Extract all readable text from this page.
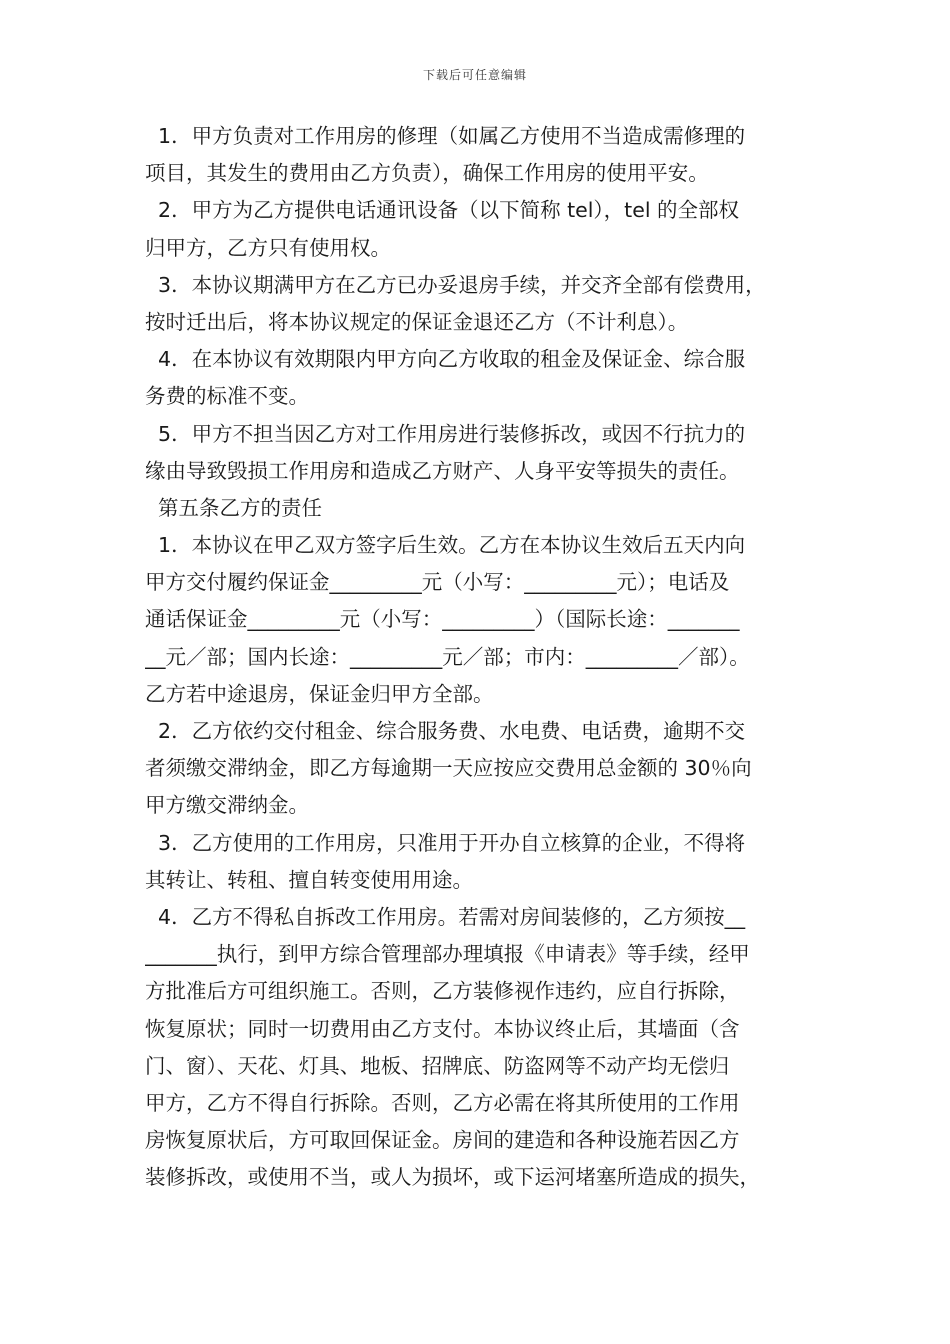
下载后可任意编辑
1．甲方负责对工作用房的修理（如属乙方使用不当造成需修理的
项目，其发生的费用由乙方负责），确保工作用房的使用平安。
2．甲方为乙方提供电话通讯设备（以下简称 tel），tel 的全部权
归甲方，乙方只有使用权。
3．本协议期满甲方在乙方已办妥退房手续，并交齐全部有偿费用，
按时迁出后，将本协议规定的保证金退还乙方（不计利息）。
4．在本协议有效期限内甲方向乙方收取的租金及保证金、综合服
务费的标准不变。
5．甲方不担当因乙方对工作用房进行装修拆改，或因不行抗力的
缘由导致毁损工作用房和造成乙方财产、人身平安等损失的责任。
第五条乙方的责任
1．本协议在甲乙双方签字后生效。乙方在本协议生效后五天内向
甲方交付履约保证金_________元（小写：_________元）；电话及
通话保证金_________元（小写：_________）（国际长途：_______
__元／部；国内长途：_________元／部；市内：_________／部）。
乙方若中途退房，保证金归甲方全部。
2．乙方依约交付租金、综合服务费、水电费、电话费，逾期不交
者须缴交滞纳金，即乙方每逾期一天应按应交费用总金额的 30％向
甲方缴交滞纳金。
3．乙方使用的工作用房，只准用于开办自立核算的企业，不得将
其转让、转租、擅自转变使用用途。
4．乙方不得私自拆改工作用房。若需对房间装修的，乙方须按__
_______执行，到甲方综合管理部办理填报《申请表》等手续，经甲
方批准后方可组织施工。否则，乙方装修视作违约，应自行拆除，
恢复原状；同时一切费用由乙方支付。本协议终止后，其墙面（含
门、窗）、天花、灯具、地板、招牌底、防盗网等不动产均无偿归
甲方，乙方不得自行拆除。否则，乙方必需在将其所使用的工作用
房恢复原状后，方可取回保证金。房间的建造和各种设施若因乙方
装修拆改，或使用不当，或人为损坏，或下运河堵塞所造成的损失，
